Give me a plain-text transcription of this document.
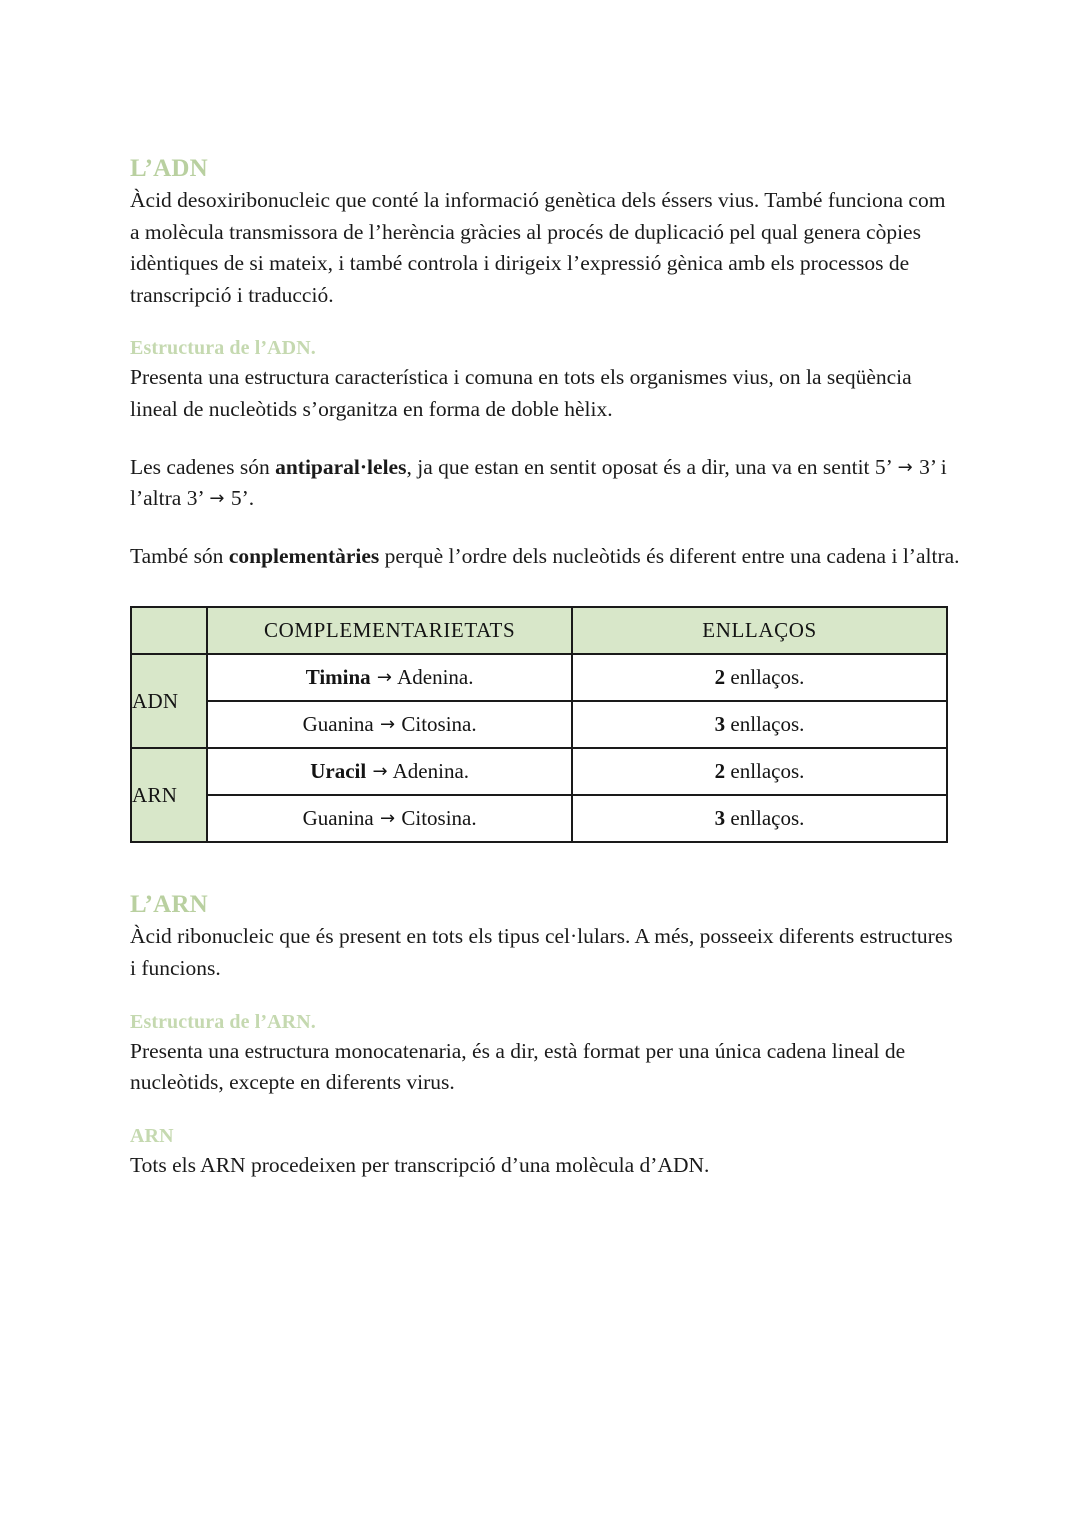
L’ADN

Àcid desoxiribonucleic que conté la informació genètica dels éssers vius. També funciona com a molècula transmissora de l’herència gràcies al procés de duplicació pel qual genera còpies idèntiques de si mateix, i també controla i dirigeix l’expressió gènica amb els processos de transcripció i traducció.

Estructura de l’ADN.

Presenta una estructura característica i comuna en tots els organismes vius, on la seqüència lineal de nucleòtids s’organitza en forma de doble hèlix.

Les cadenes són antiparal·leles, ja que estan en sentit oposat és a dir, una va en sentit 5’ → 3’ i l’altra 3’ → 5’.

També són conplementàries perquè l’ordre dels nucleòtids és diferent entre una cadena i l’altra.

	COMPLEMENTARIETATS	ENLLAÇOS
ADN	Timina → Adenina.	2 enllaços.
	Guanina → Citosina.	3 enllaços.
ARN	Uracil → Adenina.	2 enllaços.
	Guanina → Citosina.	3 enllaços.
L’ARN

Àcid ribonucleic que és present en tots els tipus cel·lulars. A més, posseeix diferents estructures i funcions.

Estructura de l’ARN.

Presenta una estructura monocatenaria, és a dir, està format per una única cadena lineal de nucleòtids, excepte en diferents virus.

ARN

Tots els ARN procedeixen per transcripció d’una molècula d’ADN.
